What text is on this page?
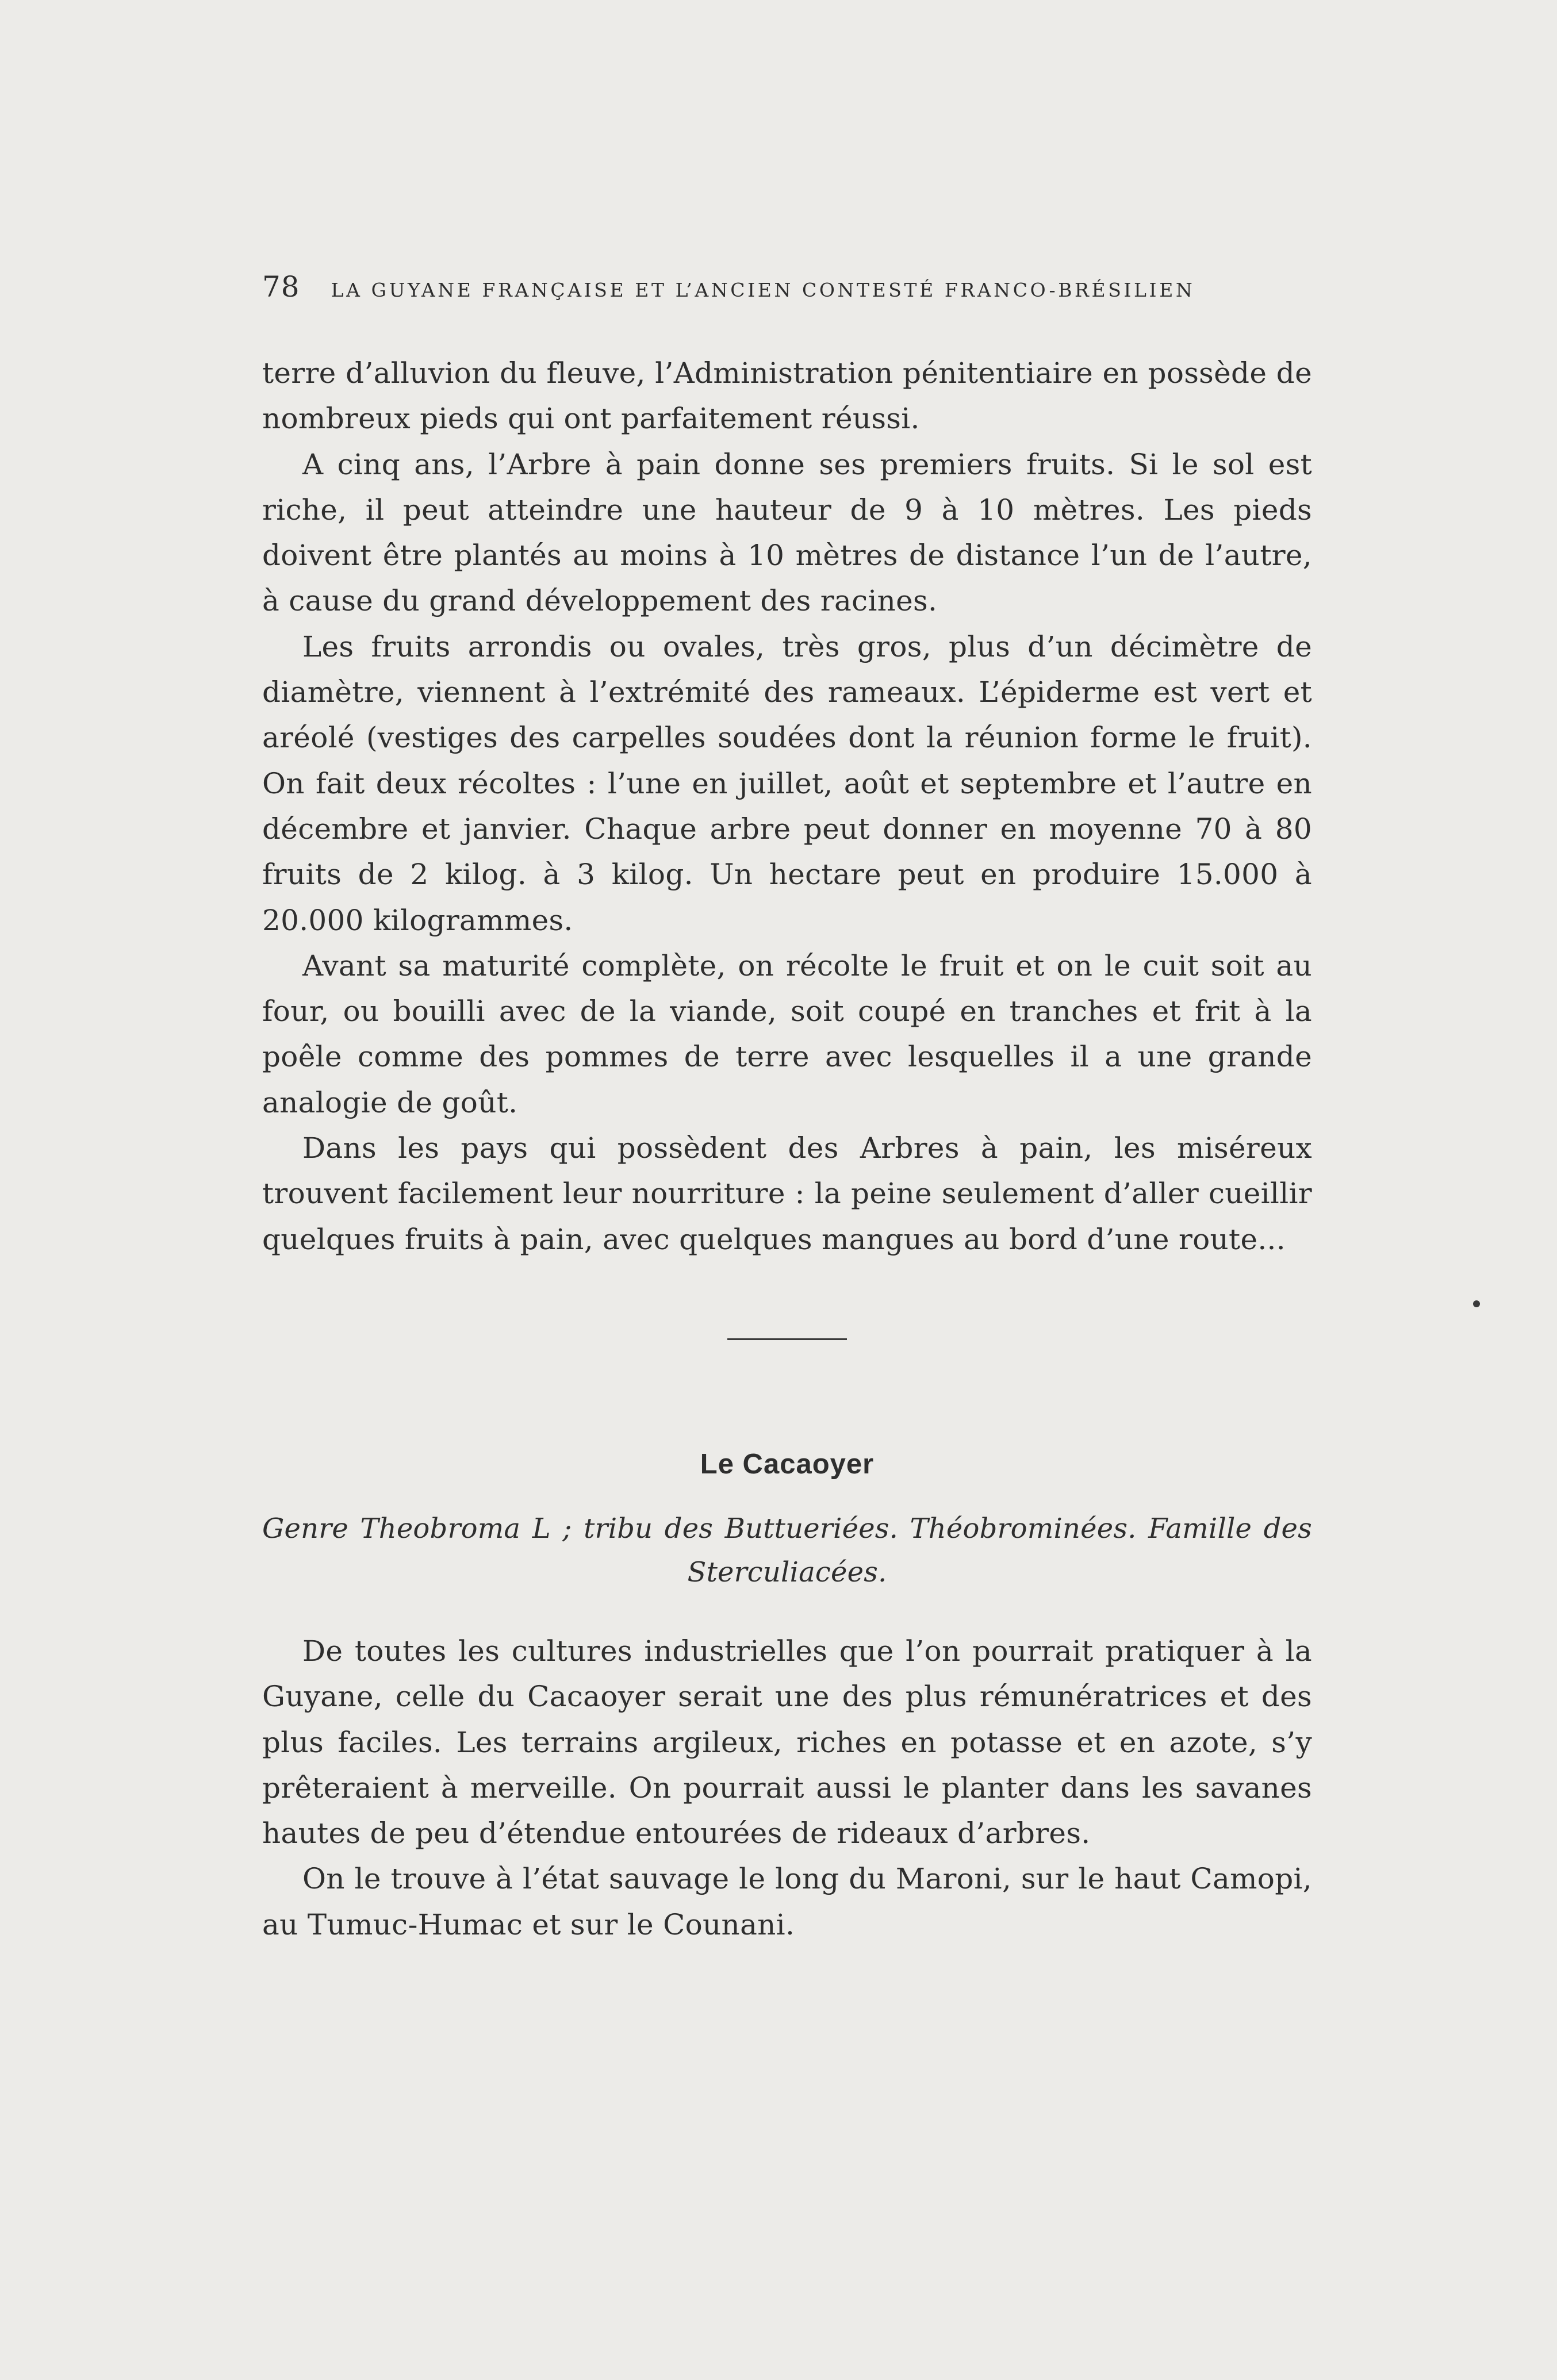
78 LA GUYANE FRANÇAISE ET L’ANCIEN CONTESTÉ FRANCO-BRÉSILIEN

terre d’alluvion du fleuve, l’Administration pénitentiaire en possède de nombreux pieds qui ont parfaitement réussi.

A cinq ans, l’Arbre à pain donne ses premiers fruits. Si le sol est riche, il peut atteindre une hauteur de 9 à 10 mètres. Les pieds doivent être plantés au moins à 10 mètres de distance l’un de l’autre, à cause du grand développement des racines.

Les fruits arrondis ou ovales, très gros, plus d’un décimètre de diamètre, viennent à l’extrémité des rameaux. L’épiderme est vert et aréolé (vestiges des carpelles soudées dont la réunion forme le fruit). On fait deux récoltes : l’une en juillet, août et septembre et l’autre en décembre et janvier. Chaque arbre peut donner en moyenne 70 à 80 fruits de 2 kilog. à 3 kilog. Un hectare peut en produire 15.000 à 20.000 kilogrammes.

Avant sa maturité complète, on récolte le fruit et on le cuit soit au four, ou bouilli avec de la viande, soit coupé en tranches et frit à la poêle comme des pommes de terre avec lesquelles il a une grande analogie de goût.

Dans les pays qui possèdent des Arbres à pain, les miséreux trouvent facilement leur nourriture : la peine seulement d’aller cueillir quelques fruits à pain, avec quelques mangues au bord d’une route...

Le Cacaoyer
Genre Theobroma L ; tribu des Buttueriées. Théobrominées. Famille des Sterculiacées.

De toutes les cultures industrielles que l’on pourrait pratiquer à la Guyane, celle du Cacaoyer serait une des plus rémunératrices et des plus faciles. Les terrains argileux, riches en potasse et en azote, s’y prêteraient à merveille. On pourrait aussi le planter dans les savanes hautes de peu d’étendue entourées de rideaux d’arbres.

On le trouve à l’état sauvage le long du Maroni, sur le haut Camopi, au Tumuc-Humac et sur le Counani.
